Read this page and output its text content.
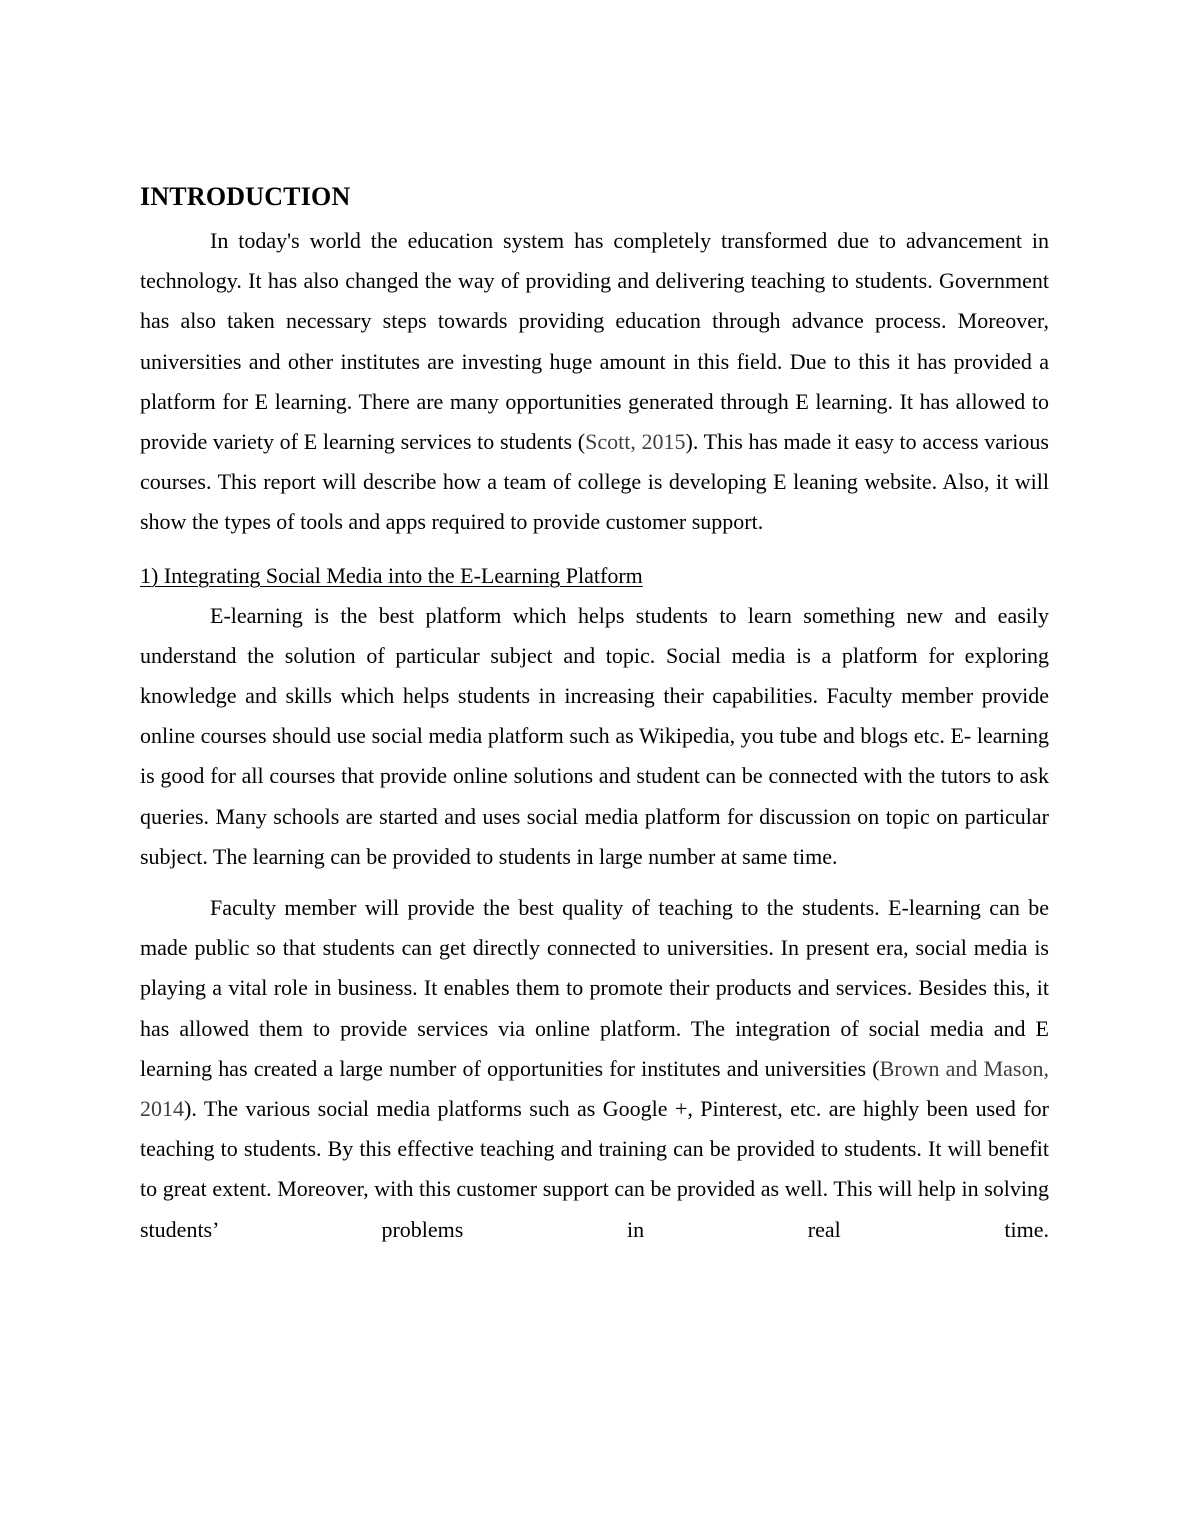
INTRODUCTION

In today's world the education system has completely transformed due to advancement in technology. It has also changed the way of providing and delivering teaching to students. Government has also taken necessary steps towards providing education through advance process. Moreover, universities and other institutes are investing huge amount in this field. Due to this it has provided a platform for E learning. There are many opportunities generated through E learning. It has allowed to provide variety of E learning services to students (Scott, 2015). This has made it easy to access various courses. This report will describe how a team of college is developing E leaning website. Also, it will show the types of tools and apps required to provide customer support.

1) Integrating Social Media into the E-Learning Platform

E-learning is the best platform which helps students to learn something new and easily understand the solution of particular subject and topic. Social media is a platform for exploring knowledge and skills which helps students in increasing their capabilities. Faculty member provide online courses should use social media platform such as Wikipedia, you tube and blogs etc. E- learning is good for all courses that provide online solutions and student can be connected with the tutors to ask queries. Many schools are started and uses social media platform for discussion on topic on particular subject. The learning can be provided to students in large number at same time.

Faculty member will provide the best quality of teaching to the students. E-learning can be made public so that students can get directly connected to universities. In present era, social media is playing a vital role in business. It enables them to promote their products and services. Besides this, it has allowed them to provide services via online platform. The integration of social media and E learning has created a large number of opportunities for institutes and universities (Brown and Mason, 2014). The various social media platforms such as Google +, Pinterest, etc. are highly been used for teaching to students. By this effective teaching and training can be provided to students. It will benefit to great extent. Moreover, with this customer support can be provided as well. This will help in solving students’ problems in real time.
